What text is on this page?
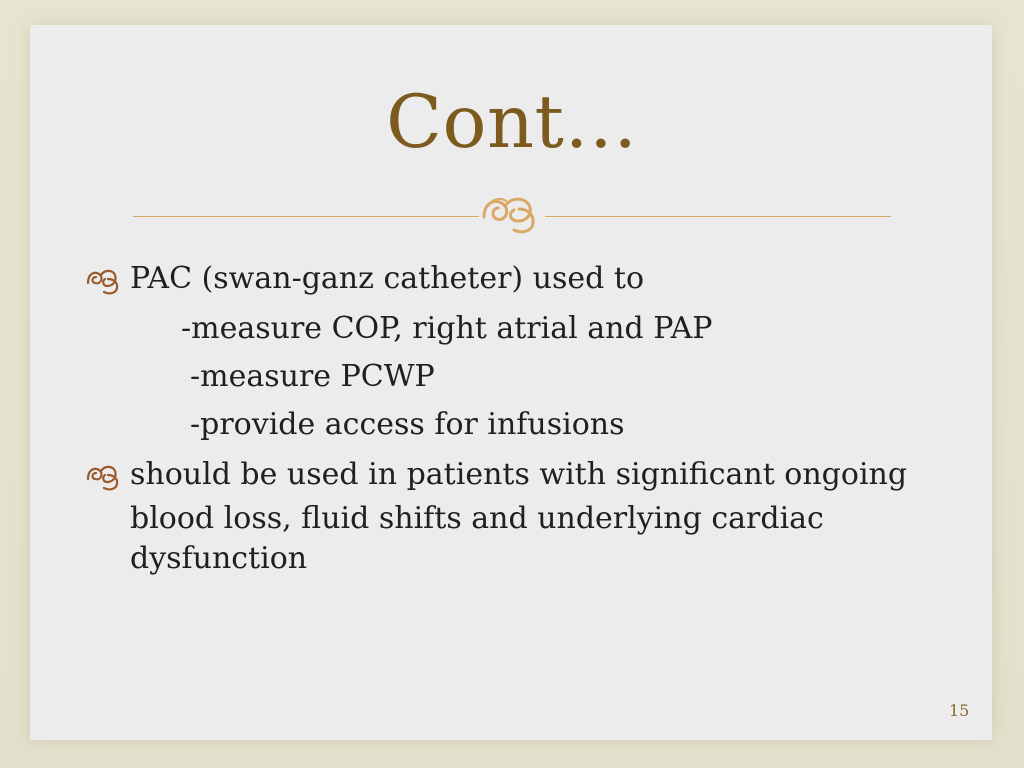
Cont…
PAC (swan-ganz catheter) used to
-measure COP, right atrial and PAP
-measure PCWP
-provide access for infusions
should be used in patients with significant ongoing
blood loss, fluid shifts and underlying cardiac
dysfunction
15
